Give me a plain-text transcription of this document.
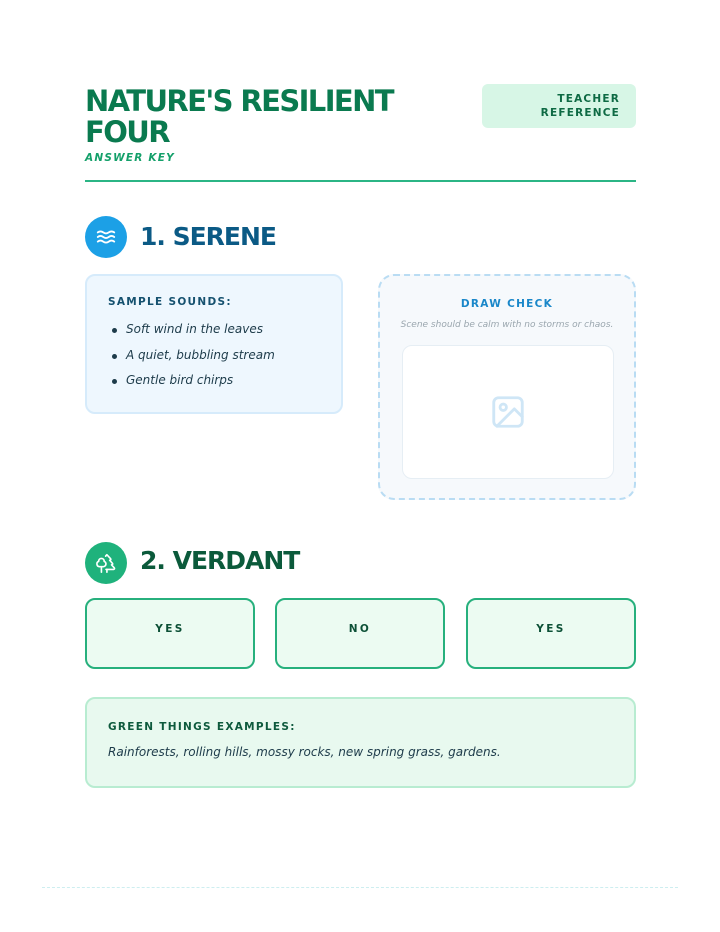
NATURE'S RESILIENT FOUR
ANSWER KEY
TEACHER
REFERENCE
1. SERENE
SAMPLE SOUNDS:
Soft wind in the leaves
A quiet, bubbling stream
Gentle bird chirps
DRAW CHECK
Scene should be calm with no storms or chaos.
2. VERDANT
YES	NO	YES
GREEN THINGS EXAMPLES:
Rainforests, rolling hills, mossy rocks, new spring grass, gardens.
